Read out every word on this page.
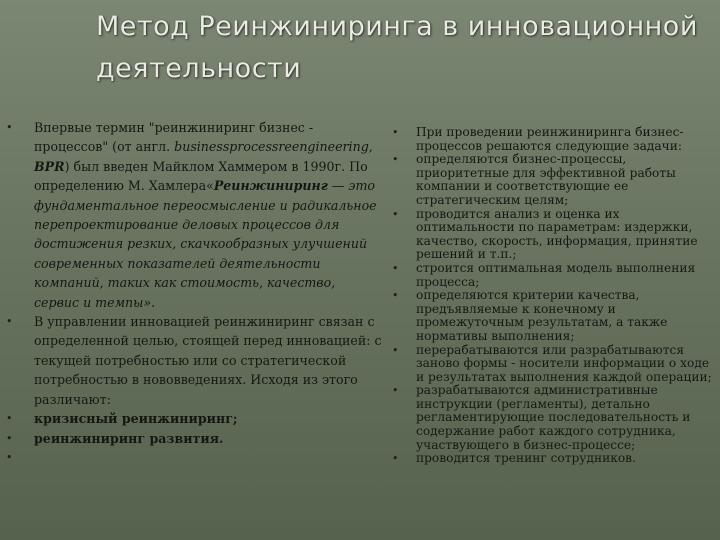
Метод Реинжиниринга в инновационной
деятельности
• Впервые термин "реинжиниринг бизнес - процессов" (от англ. businessprocessreengineering, BPR) был введен Майклом Хаммером в 1990г. По определению М. Хамлера«Реинжиниринг — это фундаментальное переосмысление и радикальное перепроектирование деловых процессов для достижения резких, скачкообразных улучшений современных показателей деятельности компаний, таких как стоимость, качество, сервис и темпы».
• В управлении инновацией реинжиниринг связан с определенной целью, стоящей перед инновацией: с текущей потребностью или со стратегической потребностью в нововведениях. Исходя из этого различают:
• кризисный реинжиниринг;
• реинжиниринг развития.
•
• При проведении реинжиниринга бизнес-процессов решаются следующие задачи:
• определяются бизнес-процессы, приоритетные для эффективной работы компании и соответствующие ее стратегическим целям;
• проводится анализ и оценка их оптимальности по параметрам: издержки, качество, скорость, информация, принятие решений и т.п.;
• строится оптимальная модель выполнения процесса;
• определяются критерии качества, предъявляемые к конечному и промежуточным результатам, а также нормативы выполнения;
• перерабатываются или разрабатываются заново формы - носители информации о ходе и результатах выполнения каждой операции;
• разрабатываются административные инструкции (регламенты), детально регламентирующие последовательность и содержание работ каждого сотрудника, участвующего в бизнес-процессе;
• проводится тренинг сотрудников.
